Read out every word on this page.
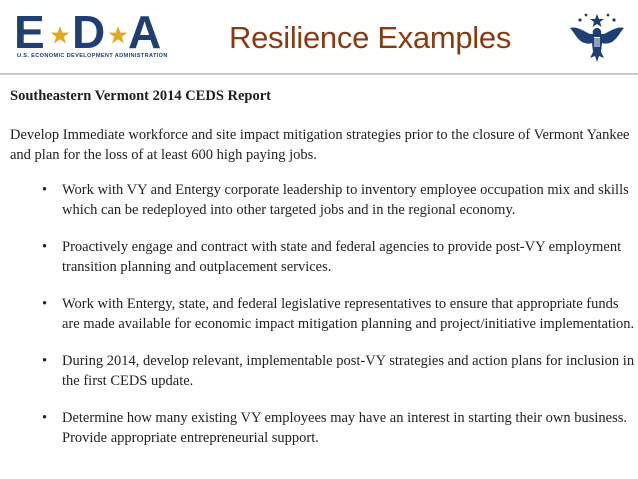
E D A
U.S. ECONOMIC DEVELOPMENT ADMINISTRATION
Resilience Examples
Southeastern Vermont 2014 CEDS Report
Develop Immediate workforce and site impact mitigation strategies prior to the closure of Vermont Yankee and plan for the loss of at least 600 high paying jobs.
• Work with VY and Entergy corporate leadership to inventory employee occupation mix and skills which can be redeployed into other targeted jobs and in the regional economy.
• Proactively engage and contract with state and federal agencies to provide post-VY employment transition planning and outplacement services.
• Work with Entergy, state, and federal legislative representatives to ensure that appropriate funds are made available for economic impact mitigation planning and project/initiative implementation.
• During 2014, develop relevant, implementable post-VY strategies and action plans for inclusion in the first CEDS update.
• Determine how many existing VY employees may have an interest in starting their own business. Provide appropriate entrepreneurial support.
